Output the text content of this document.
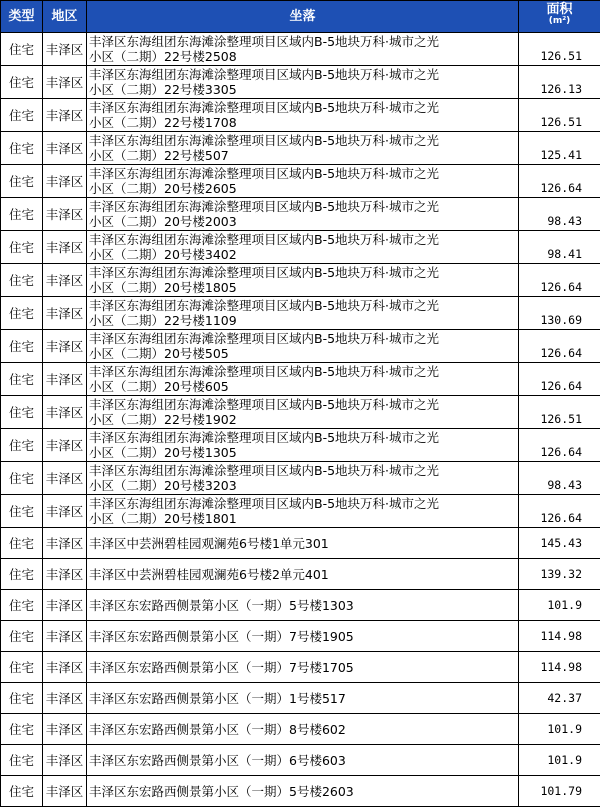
类型	地区	坐落	面积
(m²)

住宅	丰泽区	丰泽区东海组团东海滩涂整理项目区域内B-5地块万科·城市之光
小区（二期）22号楼2508	126.51
住宅	丰泽区	丰泽区东海组团东海滩涂整理项目区域内B-5地块万科·城市之光
小区（二期）22号楼3305	126.13
住宅	丰泽区	丰泽区东海组团东海滩涂整理项目区域内B-5地块万科·城市之光
小区（二期）22号楼1708	126.51
住宅	丰泽区	丰泽区东海组团东海滩涂整理项目区域内B-5地块万科·城市之光
小区（二期）22号楼507	125.41
住宅	丰泽区	丰泽区东海组团东海滩涂整理项目区域内B-5地块万科·城市之光
小区（二期）20号楼2605	126.64
住宅	丰泽区	丰泽区东海组团东海滩涂整理项目区域内B-5地块万科·城市之光
小区（二期）20号楼2003	98.43
住宅	丰泽区	丰泽区东海组团东海滩涂整理项目区域内B-5地块万科·城市之光
小区（二期）20号楼3402	98.41
住宅	丰泽区	丰泽区东海组团东海滩涂整理项目区域内B-5地块万科·城市之光
小区（二期）20号楼1805	126.64
住宅	丰泽区	丰泽区东海组团东海滩涂整理项目区域内B-5地块万科·城市之光
小区（二期）22号楼1109	130.69
住宅	丰泽区	丰泽区东海组团东海滩涂整理项目区域内B-5地块万科·城市之光
小区（二期）20号楼505	126.64
住宅	丰泽区	丰泽区东海组团东海滩涂整理项目区域内B-5地块万科·城市之光
小区（二期）20号楼605	126.64
住宅	丰泽区	丰泽区东海组团东海滩涂整理项目区域内B-5地块万科·城市之光
小区（二期）22号楼1902	126.51
住宅	丰泽区	丰泽区东海组团东海滩涂整理项目区域内B-5地块万科·城市之光
小区（二期）20号楼1305	126.64
住宅	丰泽区	丰泽区东海组团东海滩涂整理项目区域内B-5地块万科·城市之光
小区（二期）20号楼3203	98.43
住宅	丰泽区	丰泽区东海组团东海滩涂整理项目区域内B-5地块万科·城市之光
小区（二期）20号楼1801	126.64
住宅	丰泽区	丰泽区中芸洲碧桂园观澜苑6号楼1单元301	145.43
住宅	丰泽区	丰泽区中芸洲碧桂园观澜苑6号楼2单元401	139.32
住宅	丰泽区	丰泽区东宏路西侧景第小区（一期）5号楼1303	101.9
住宅	丰泽区	丰泽区东宏路西侧景第小区（一期）7号楼1905	114.98
住宅	丰泽区	丰泽区东宏路西侧景第小区（一期）7号楼1705	114.98
住宅	丰泽区	丰泽区东宏路西侧景第小区（一期）1号楼517	42.37
住宅	丰泽区	丰泽区东宏路西侧景第小区（一期）8号楼602	101.9
住宅	丰泽区	丰泽区东宏路西侧景第小区（一期）6号楼603	101.9
住宅	丰泽区	丰泽区东宏路西侧景第小区（一期）5号楼2603	101.79
